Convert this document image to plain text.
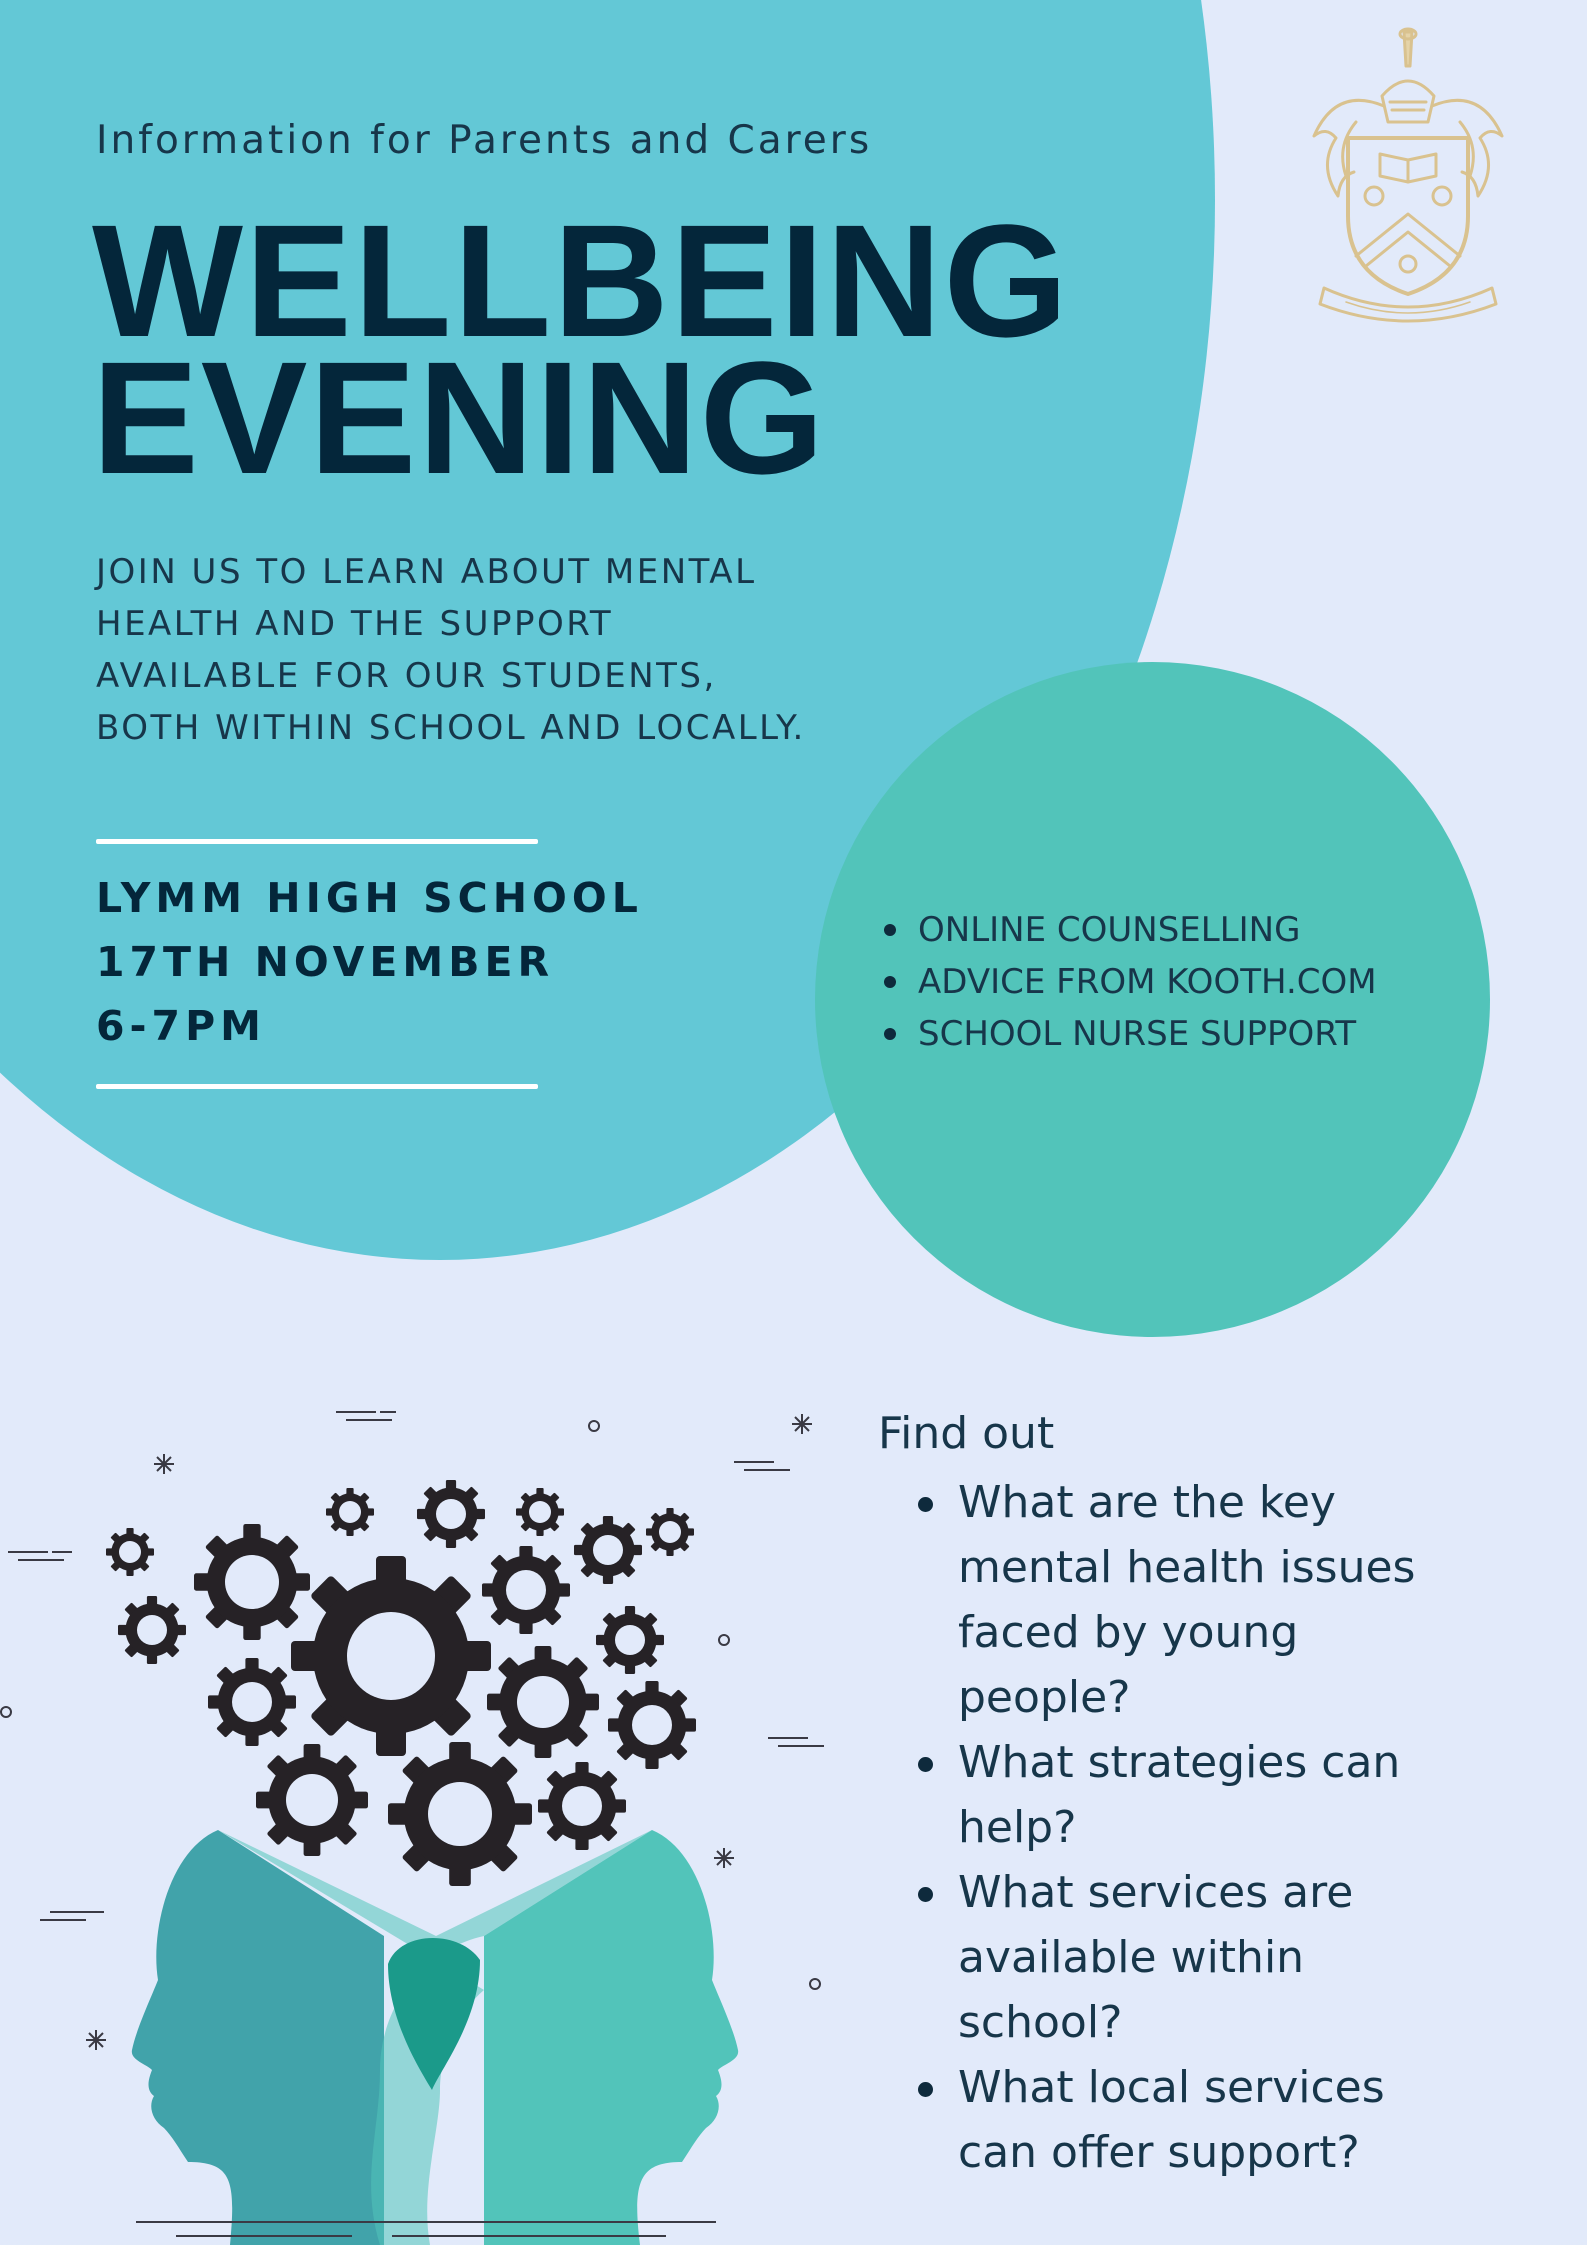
Information for Parents and Carers
WELLBEING
EVENING
JOIN US TO LEARN ABOUT MENTAL
HEALTH AND THE SUPPORT
AVAILABLE FOR OUR STUDENTS,
BOTH WITHIN SCHOOL AND LOCALLY.
LYMM HIGH SCHOOL
17TH NOVEMBER
6-7PM
ONLINE COUNSELLING
ADVICE FROM KOOTH.COM
SCHOOL NURSE SUPPORT
Find out
What are the key mental health issues faced by young people?
What strategies can help?
What services are available within school?
What local services can offer support?
